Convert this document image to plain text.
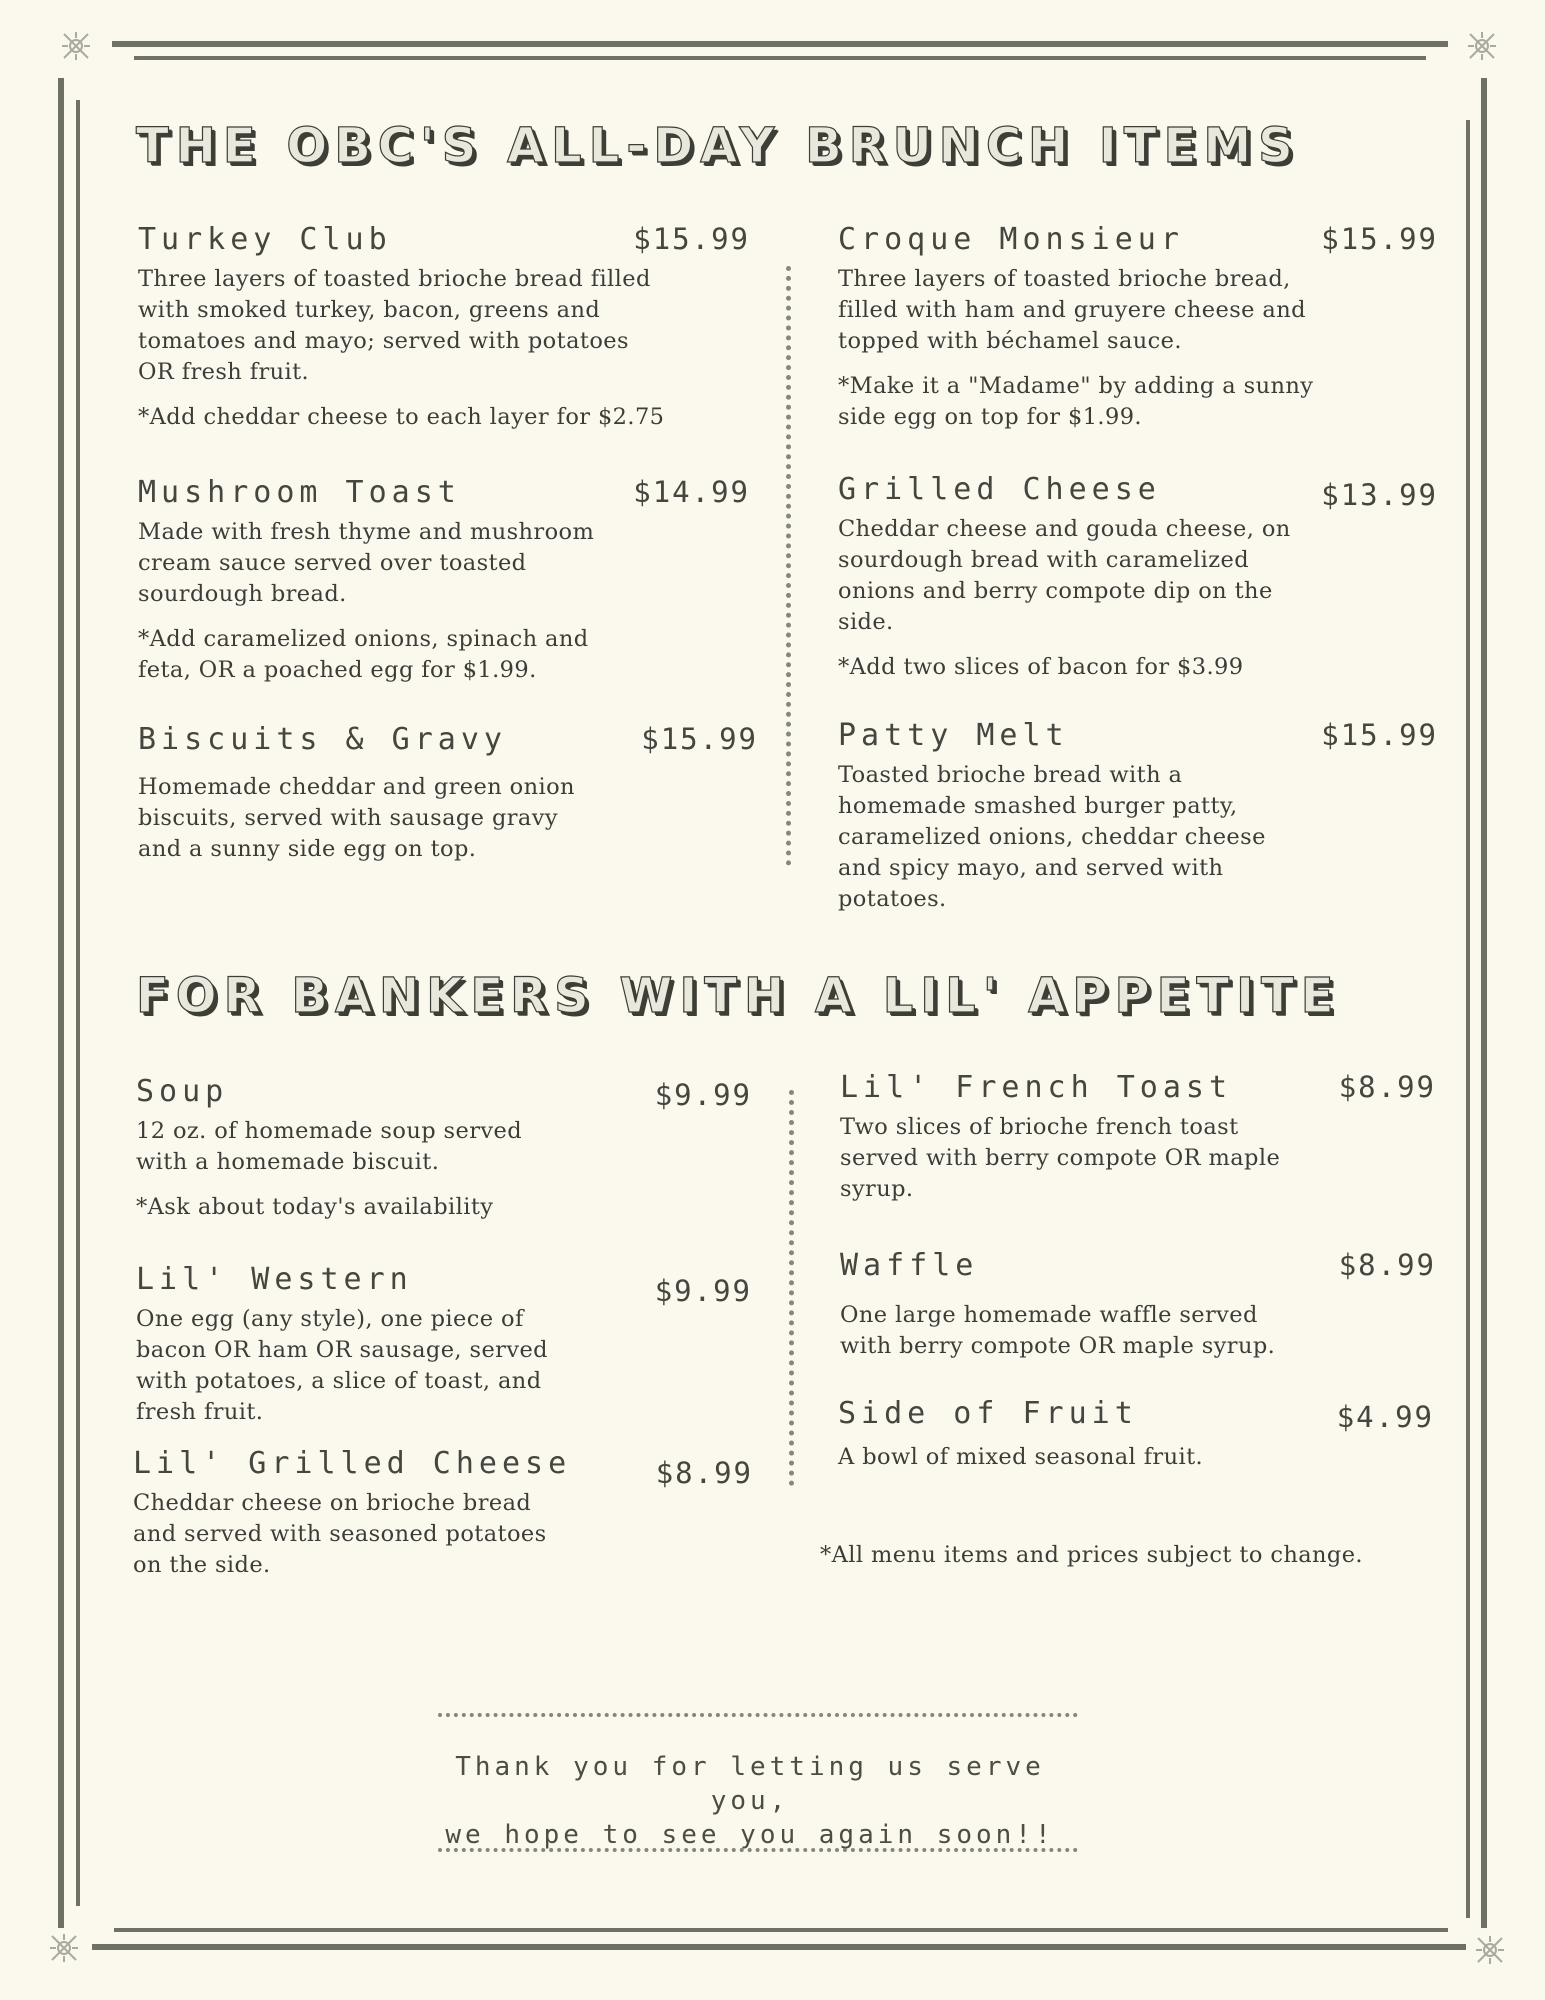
THE OBC'S ALL-DAY BRUNCH ITEMS
Turkey Club	$15.99

Three layers of toasted brioche bread filled
with smoked turkey, bacon, greens and
tomatoes and mayo; served with potatoes
OR fresh fruit.

*Add cheddar cheese to each layer for $2.75

Mushroom Toast	$14.99

Made with fresh thyme and mushroom
cream sauce served over toasted
sourdough bread.

*Add caramelized onions, spinach and
feta, OR a poached egg for $1.99.

Biscuits & Gravy	$15.99

Homemade cheddar and green onion
biscuits, served with sausage gravy
and a sunny side egg on top.

Croque Monsieur	$15.99

Three layers of toasted brioche bread,
filled with ham and gruyere cheese and
topped with béchamel sauce.

*Make it a "Madame" by adding a sunny
side egg on top for $1.99.

Grilled Cheese	$13.99

Cheddar cheese and gouda cheese, on
sourdough bread with caramelized
onions and berry compote dip on the
side.

*Add two slices of bacon for $3.99

Patty Melt	$15.99

Toasted brioche bread with a
homemade smashed burger patty,
caramelized onions, cheddar cheese
and spicy mayo, and served with
potatoes.

FOR BANKERS WITH A LIL' APPETITE
Soup	$9.99

12 oz. of homemade soup served
with a homemade biscuit.

*Ask about today's availability

Lil' Western	$9.99

One egg (any style), one piece of
bacon OR ham OR sausage, served
with potatoes, a slice of toast, and
fresh fruit.

Lil' Grilled Cheese	$8.99

Cheddar cheese on brioche bread
and served with seasoned potatoes
on the side.

Lil' French Toast	$8.99

Two slices of brioche french toast
served with berry compote OR maple
syrup.

Waffle	$8.99

One large homemade waffle served
with berry compote OR maple syrup.

Side of Fruit	$4.99

A bowl of mixed seasonal fruit.

*All menu items and prices subject to change.
Thank you for letting us serve you,
we hope to see you again soon!!
